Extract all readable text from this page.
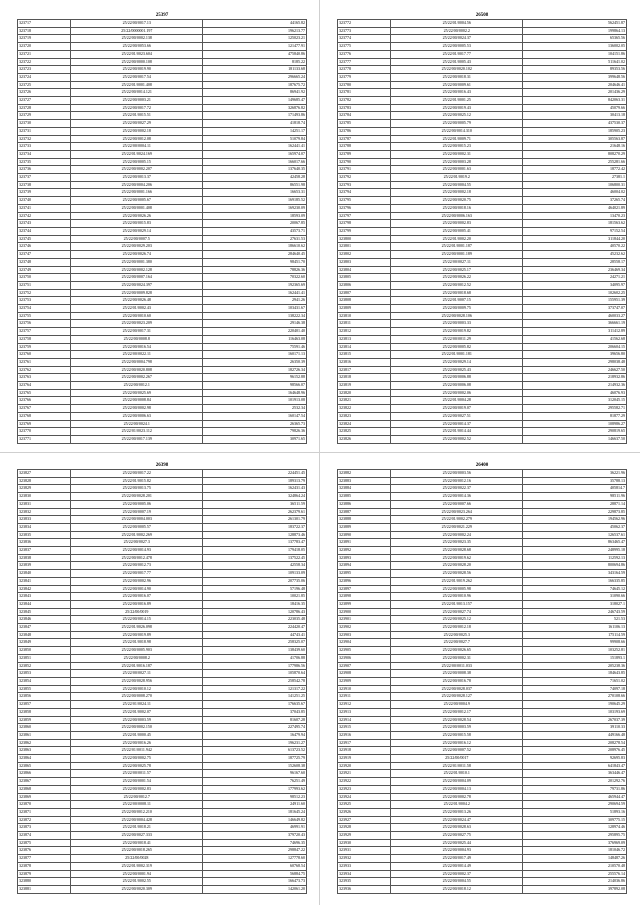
25397
323717	25/22/00/0017.13	44165.82
323718	25/22/0000001.197	196213.77
323719	25/22/00/0002.138	125023.21
323720	25/22/00/0053.66	121477.91
323721	25/22/01/0023.604	475840.86
323722	25/22/00/0000.108	8185.22
323723	25/22/00/0019.90	181133.68
323724	25/22/00/0017.54	296665.24
323725	25/22/01/0001.408	187675.72
323726	25/22/00/0014.121	86941.92
323727	25/22/00/0003.21	149685.47
323728	25/22/00/0017.72	326876.82
323729	25/22/01/0015.51	171493.86
323730	25/22/00/0027.29	41818.74
323731	25/22/00/0002.18	14251.17
323732	25/22/00/0012.08	51079.84
323733	25/22/00/0004.11	162441.41
323734	25/22/01/0024.169	165974.07
323735	25/22/00/0005.15	166017.66
323736	25/22/00/0002.207	137640.35
323737	25/22/00/0013.37	42458.28
323738	25/22/00/0004.206	86551.98
323739	25/22/00/0001.166	16653.31
323740	25/22/00/0005.67	169185.52
323741	25/22/00/0001.408	169230.09
323742	25/22/00/0026.26	18593.09
323743	25/22/00/0015.83	20067.85
323744	25/22/00/0029.14	43573.71
323745	25/22/00/0007.5	27631.53
323746	25/22/00/0029.203	186610.62
323747	25/22/00/0026.74	284640.45
323748	25/22/00/0001.380	98451.70
323749	25/22/00/0002.128	78826.36
323750	25/22/00/0007.164	70322.60
323751	25/22/00/0024.397	192365.69
323752	25/22/00/0009.828	162441.41
323753	25/22/00/0026.48	2941.26
323754	25/22/01/0002.43	103431.67
323755	25/22/00/0010.60	138222.34
323756	25/22/00/0023.209	29146.38
323757	25/22/00/0017.31	220401.40
323758	25/22/00/0008.8	116463.08
323759	25/22/00/0016.54	75591.46
323760	25/22/00/0022.11	160171.13
323761	25/22/00/0004.798	26350.39
323762	25/22/00/0020.808	182726.34
323763	25/22/00/0002.267	96152.88
323764	25/22/00/0012.1	98566.07
323765	25/22/00/0025.69	164648.96
323766	25/22/00/0008.84	101913.08
323767	25/22/00/0002.98	2532.34
323768	25/22/00/0006.63	160147.54
323769	25/22/00/0024.1	26365.73
323770	25/22/01/0023.112	79826.36
323771	25/22/00/0017.139	30971.65
26508
323772	25/22/01/0004.56	562451.87
323773	25/22/00/0002.2	199864.13
323774	25/22/00/0024.37	65365.56
323775	25/22/00/0005.53	136002.05
323776	25/22/01/0017.77	104151.86
323777	25/22/01/0005.43	511641.02
323778	25/22/00/0020.102	89353.56
323779	25/22/00/0018.31	399648.56
323780	25/22/00/0009.61	204646.41
323781	25/22/00/0016.43	201436.29
323782	25/22/01/0001.25	842063.31
323783	25/22/00/0019.43	45079.66
323784	25/22/00/0025.12	30413.18
323785	25/22/00/0005.79	437530.37
323786	25/22/00/0014.310	185905.23
323787	25/22/01/0009.71	305563.87
323788	25/22/00/0015.23	21648.16
323789	25/22/00/0002.31	808270.29
323790	25/22/00/0003.28	255281.66
323791	25/22/00/0001.63	18772.42
323792	25/22/01/0019.2	27381.1
323793	25/22/00/0004.55	106800.31
323794	25/22/00/0002.18	46004.02
323795	25/22/00/0020.75	37265.74
323796	25/22/00/0018.16	464021.89
323797	25/22/00/0006.163	13470.23
323798	25/22/00/0002.83	181563.62
323799	25/22/00/0005.41	97152.54
323800	25/22/01/0002.20	311844.20
323801	25/22/01/0001.187	40570.22
323802	25/22/00/0001.189	45232.62
323803	25/22/00/0027.11	28558.17
323804	25/22/00/0025.17	236469.34
323805	25/22/00/0026.22	24271.21
323806	25/22/00/0012.52	34095.97
323807	25/22/00/0018.68	102602.25
323808	25/22/01/0007.15	155951.39
323809	25/22/00/0009.75	373747.07
323810	25/22/00/0028.106	460033.27
323811	25/22/00/0003.33	366661.19
323812	25/22/00/0019.82	311412.89
323813	25/22/00/0011.29	41562.68
323814	25/22/00/0005.82	206604.15
323815	25/22/01/0001.181	39656.80
323816	25/22/00/0029.14	298038.48
323817	25/22/00/0025.43	246627.50
323818	25/22/00/0006.88	218932.86
323819	25/22/00/0006.08	214932.36
323820	25/22/00/0002.06	46076.93
323821	25/22/01/0004.28	312045.15
323822	25/22/00/0019.07	295582.71
323823	25/22/00/0027.51	81877.29
323824	25/22/00/0014.37	108986.27
323825	25/22/01/0014.44	290819.65
323826	25/22/00/0002.52	146637.50
26398
323827	25/22/00/0017.22	224451.45
323828	25/22/01/0015.82	189313.79
323829	25/22/00/0013.75	162431.43
323830	25/22/00/0028.201	324864.24
323831	25/22/00/0005.06	36511.59
323832	25/22/00/0007.19	262379.61
323833	25/22/00/0004.003	261301.79
323834	25/22/00/0005.57	183722.37
323835	25/22/01/0002.269	128873.46
323836	25/22/00/0027.3	137783.47
323837	25/22/00/0014.93	179418.05
323838	25/22/00/0012.478	137522.45
323839	25/22/00/0012.73	42558.34
323840	25/22/00/0017.77	109133.09
323841	25/22/00/0002.96	207735.06
323842	25/22/00/0014.90	57196.48
323843	25/22/00/0016.07	10021.85
323844	25/22/00/0016.89	18416.35
323845	25/22/00/0019	120786.43
323846	25/22/00/0014.15	223035.48
323847	25/22/01/0026.098	224420.47
323848	25/22/00/0019.89	44743.41
323849	25/22/01/0018.98	258325.07
323850	25/22/00/0005.903	138439.60
323851	25/22/00/0008.2	41706.88
323852	25/22/01/0016.187	177986.56
323853	25/22/00/0027.11	105870.64
323854	25/22/00/0028.956	258542.78
323855	25/22/00/0010.12	121317.22
323856	25/22/00/0008.270	141251.25
323857	25/22/01/0024.11	176635.67
323858	25/22/01/0002.07	37043.85
323859	25/22/00/0003.59	81607.28
323860	25/22/00/0002.150	227495.74
323861	25/22/01/0000.45	16479.94
323862	25/22/00/0016.26	196231.27
323863	25/22/01/0011.942	613723.52
323864	25/22/00/0002.75	187725.79
323865	25/22/00/0025.78	152608.38
323866	25/22/00/0011.57	96167.60
323867	25/22/00/0001.54	76251.49
323868	25/22/00/0002.83	177993.62
323869	25/22/00/0012.7	98512.23
323870	25/22/00/0008.11	24911.60
323871	25/22/00/0012.210	181645.24
323872	25/22/00/0004.428	146649.82
323873	25/22/01/0018.21	46991.91
323874	25/22/00/0027.333	379720.43
323875	25/22/00/0018.41	74696.35
323876	25/22/00/0018.265	298847.22
323877	25/22/00/0028	127778.60
323878	25/22/01/0002.319	60768.54
323879	25/22/00/0001.94	56884.75
323880	25/22/01/0002.55	166473.73
323881	25/22/00/0020.309	142061.20
26400
323882	25/22/00/0003.56	36221.96
323883	25/22/00/0012.16	35788.13
323884	25/22/00/0022.37	405814.7
323885	25/22/00/0014.36	98511.96
323886	25/22/00/0007.66	28871.14
323887	25/22/00/0023.264	229873.85
323888	25/22/01/0002.279	194562.96
323889	25/22/00/0021.229	45062.37
323890	25/22/00/0002.24	126537.61
323891	25/22/00/0023.35	863465.47
323892	25/22/00/0028.68	248995.18
323893	25/22/00/0019.62	112592.13
323894	25/22/00/0028.20	800694.86
323895	25/22/00/0028.56	343164.59
323896	25/22/01/0019.262	166335.85
323897	25/22/00/0005.98	74645.12
323898	25/22/00/0010.96	31090.66
323899	25/22/01/0013.157	318027.1
323900	25/22/00/0027.74	246743.59
323901	25/22/00/0025.12	521.53
323902	25/22/00/0012.18	161106.13
323903	25/22/00/0025.3	175114.59
323904	25/22/00/0027.7	99908.66
323905	25/22/00/0026.65	103252.81
323906	25/22/00/0002.31	151893.1
323907	25/22/00/0011.033	205238.36
323908	25/22/00/0008.38	184643.85
323909	25/22/00/0016.78	71651.02
323910	25/22/00/0028.037	74097.18
323911	25/22/00/0028.127	270108.66
323912	25/22/00/0004.9	190645.29
323913	25/22/00/0012.17	103193.69
323914	25/22/00/0028.54	267037.39
323915	25/22/00/0003.59	39110.33
323916	25/22/00/0015.58	449166.48
323917	25/22/00/0016.12	208278.54
323918	25/22/00/0007.52	208976.45
323919	25/22/00/0017	92695.83
323920	25/22/01/0011.58	641843.47
323921	25/22/01/0010.1	363446.47
323922	25/22/00/0004.09	201292.76
323923	25/22/00/0004.13	79731.86
323924	25/22/00/0002.78	465944.47
323925	25/22/01/0004.2	290694.59
323926	25/22/00/0013.26	51893.16
323927	25/22/00/0024.47	309775.15
323928	25/22/00/0028.63	128974.46
323929	25/22/00/0027.75	295895.75
323930	25/22/00/0025.44	376969.09
323931	25/22/00/0004.93	181046.72
323932	25/22/00/0017.49	148487.26
323933	25/22/00/0014.49	210570.48
323934	25/22/00/0002.37	255576.14
323935	25/22/00/0004.55	214036.86
323936	25/22/00/0018.12	397892.08
